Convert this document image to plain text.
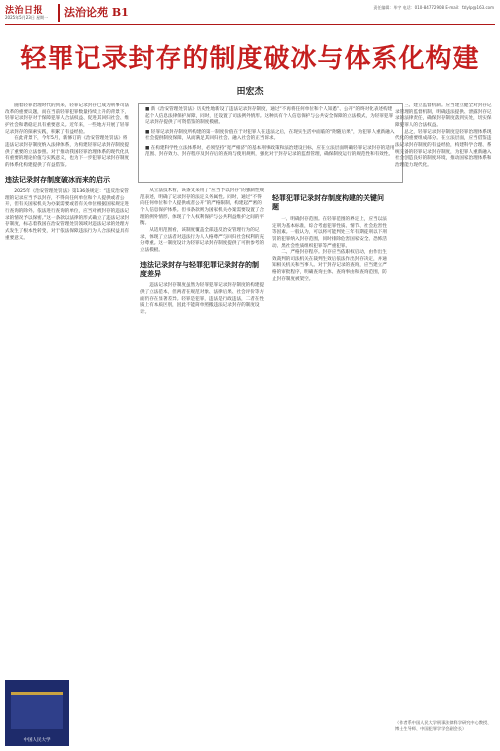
法治日报
2025年5月23日 星期一 法治论苑 B1	责任编辑：毕宇 电话：010-84772908 E-mail：fzlylp@163.com
轻罪记录封存的制度破冰与体系化构建
田宏杰

■ 新《治安管理处罚法》历史性地新设了违法记录封存制度，通过“不再将任何单位和个人知悉”、公开“的终对化表述构建起个人信息法律保护屏障，同时，还设置了司法例外情形。这种具有个人信息保护与公共安全保障的立法模式，为轻罪犯罪记录封存提供了可资借鉴的制度模板。

■ 轻罪记录封存制度所构建的第一制度价值在于对犯罪人在违法之后，在现实生活中面临的“附随后果”，为犯罪人重新融入社会提供制度保障，从而满足其回归社会、融入社会的正当诉求。

■ 在构建科学性立法体系时，必须坚持“宽严相济”的基本刑事政策和法治建设目标，应在立法层面明确轻罪记录封存的适用范围、封存效力、封存程序及封存后的查询与使用规则，强化对于封存记录的监督管理，确保制度运行的规范性和有效性。

随着轻罪治理时代的到来，轻罪记录封存已成为刑事司法改革的重要议题，而在当前轻罪犯罪数量持续上升的背景下，轻罪记录封存对于保障犯罪人合法权益、促进其回归社会、维护社会和谐稳定具有重要意义。近年来，一些地方开展了轻罪记录封存的探索实践，积累了有益经验。

在此背景下，今年5月，新修订的《治安管理处罚法》将违法记录封存制度纳入法律体系，为构建轻罪记录封存制度提供了重要的立法参照。对于推动我国轻罪治理体系的现代化具有重要的理论价值与实践意义，也为下一步犯罪记录封存制度的体系化构建提供了有益借鉴。

违法记录封存制度破冰而来的启示

2025年《治安管理处罚法》第136条规定：“违反治安管理的记录应当予以封存，不得向任何单位和个人提供或者公开，但有关国家机关为办案需要或者有关单位根据国家规定进行查询的除外。依法进行查询的单位，应当对被封存的违法记录的情况予以保密。”这一条款以法律的形式确立了违法记录封存制度，标志着我国在治安管理处罚领域对违法记录的处理方式发生了根本性转变，对于依法保障违法行为人合法权益具有重要意义。

从立法技术看，该条文采用了“应当予以封存”的强制性规范表述，明确了记录封存的法定义务属性。同时，通过“不得向任何单位和个人提供或者公开”的严格限制，构建起严密的个人信息保护体系。但书条款则为国家机关办案需要设置了合理的例外情形，体现了个人权利保护与公共利益维护之间的平衡。

从适用范围看，该制度覆盖全部违反治安管理行为的记录，体现了立法者对违法行为人人格尊严与回归社会权利的充分尊重。这一制度设计为轻罪记录封存制度提供了可供参考的立法模板。

违法记录封存与轻罪犯罪记录封存的制度差异

违法记录封存制度虽然为轻罪犯罪记录封存制度的构建提供了立法范本，但两者在规范对象、法律后果、社会评价等方面仍存在显著差异。轻罪是犯罪，违法是行政违法，二者在性质上有本质区别，因此不能简单照搬违法记录封存的制度设计。

轻罪犯罪记录封存制度构建的关键问题

一、明确封存范围。在轻罪范围的界定上，应当以法定刑为基本标准，综合考虑犯罪性质、情节、社会危害性等因素。一般认为，可以将可能判处三年有期徒刑以下刑罚的犯罪纳入封存范围，同时排除危害国家安全、恐怖活动、黑社会性质组织犯罪等严重犯罪。

二、严格封存程序。封存应当依职权启动，由作出生效裁判的司法机关在裁判生效后依法作出封存决定，并通知相关机关和当事人。对于封存记录的查询，应当建立严格的审批程序，明确查询主体、查询事由和查询范围，防止封存制度被架空。

三、建立监督机制。应当建立健全对封存记录管理的监督机制，明确违法提供、泄露封存记录的法律责任，确保封存制度落到实处，切实保障犯罪人的合法权益。

总之，轻罪记录封存制度是轻罪治理体系现代化的重要组成部分。在立法层面，应当借鉴违法记录封存制度的有益经验，构建科学合理、系统完备的轻罪记录封存制度，为犯罪人重新融入社会创造良好的制度环境，推动国家治理体系和治理能力现代化。

（作者系中国人民大学刑事法律科学研究中心教授、博士生导师、中国犯罪学学会副会长）
中国人民大学
